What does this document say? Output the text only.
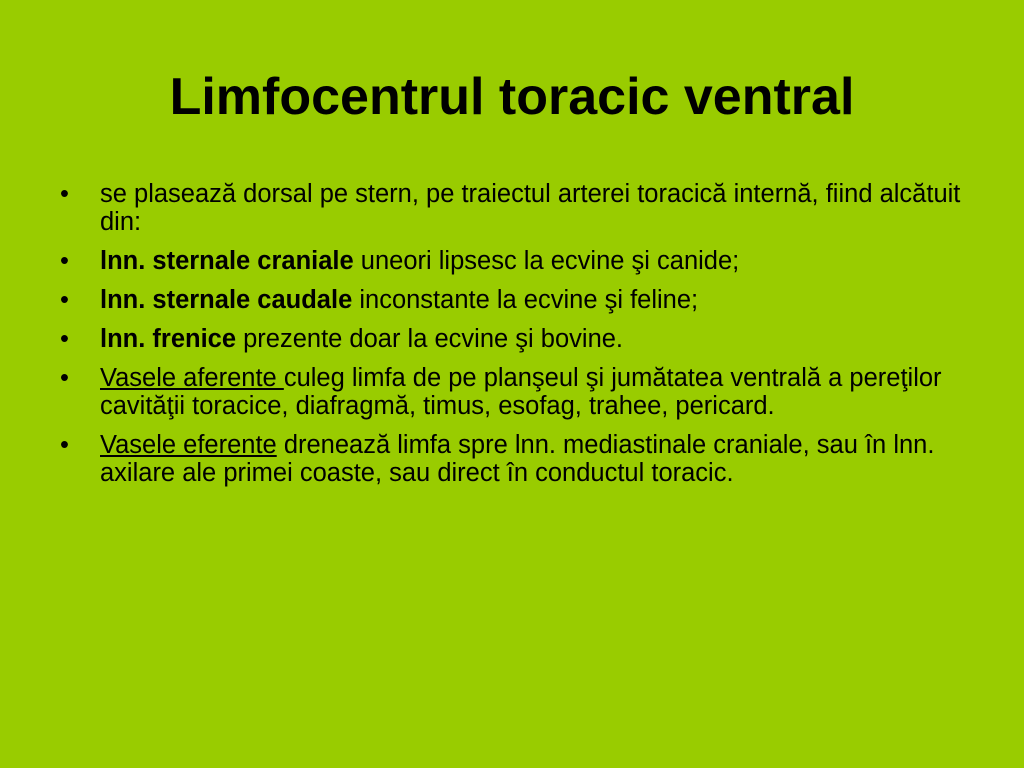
Limfocentrul toracic ventral
•	se plasează dorsal pe stern, pe traiectul arterei toracică internă, fiind alcătuit din:
•	lnn. sternale craniale uneori lipsesc la ecvine şi canide;
•	lnn. sternale caudale inconstante la ecvine şi feline;
•	lnn. frenice prezente doar la ecvine şi bovine.
•	Vasele aferente culeg limfa de pe planşeul şi jumătatea ventrală a pereţilor cavităţii toracice, diafragmă, timus, esofag, trahee, pericard.
•	Vasele eferente drenează limfa spre lnn. mediastinale craniale, sau în lnn. axilare ale primei coaste, sau direct în conductul toracic.
